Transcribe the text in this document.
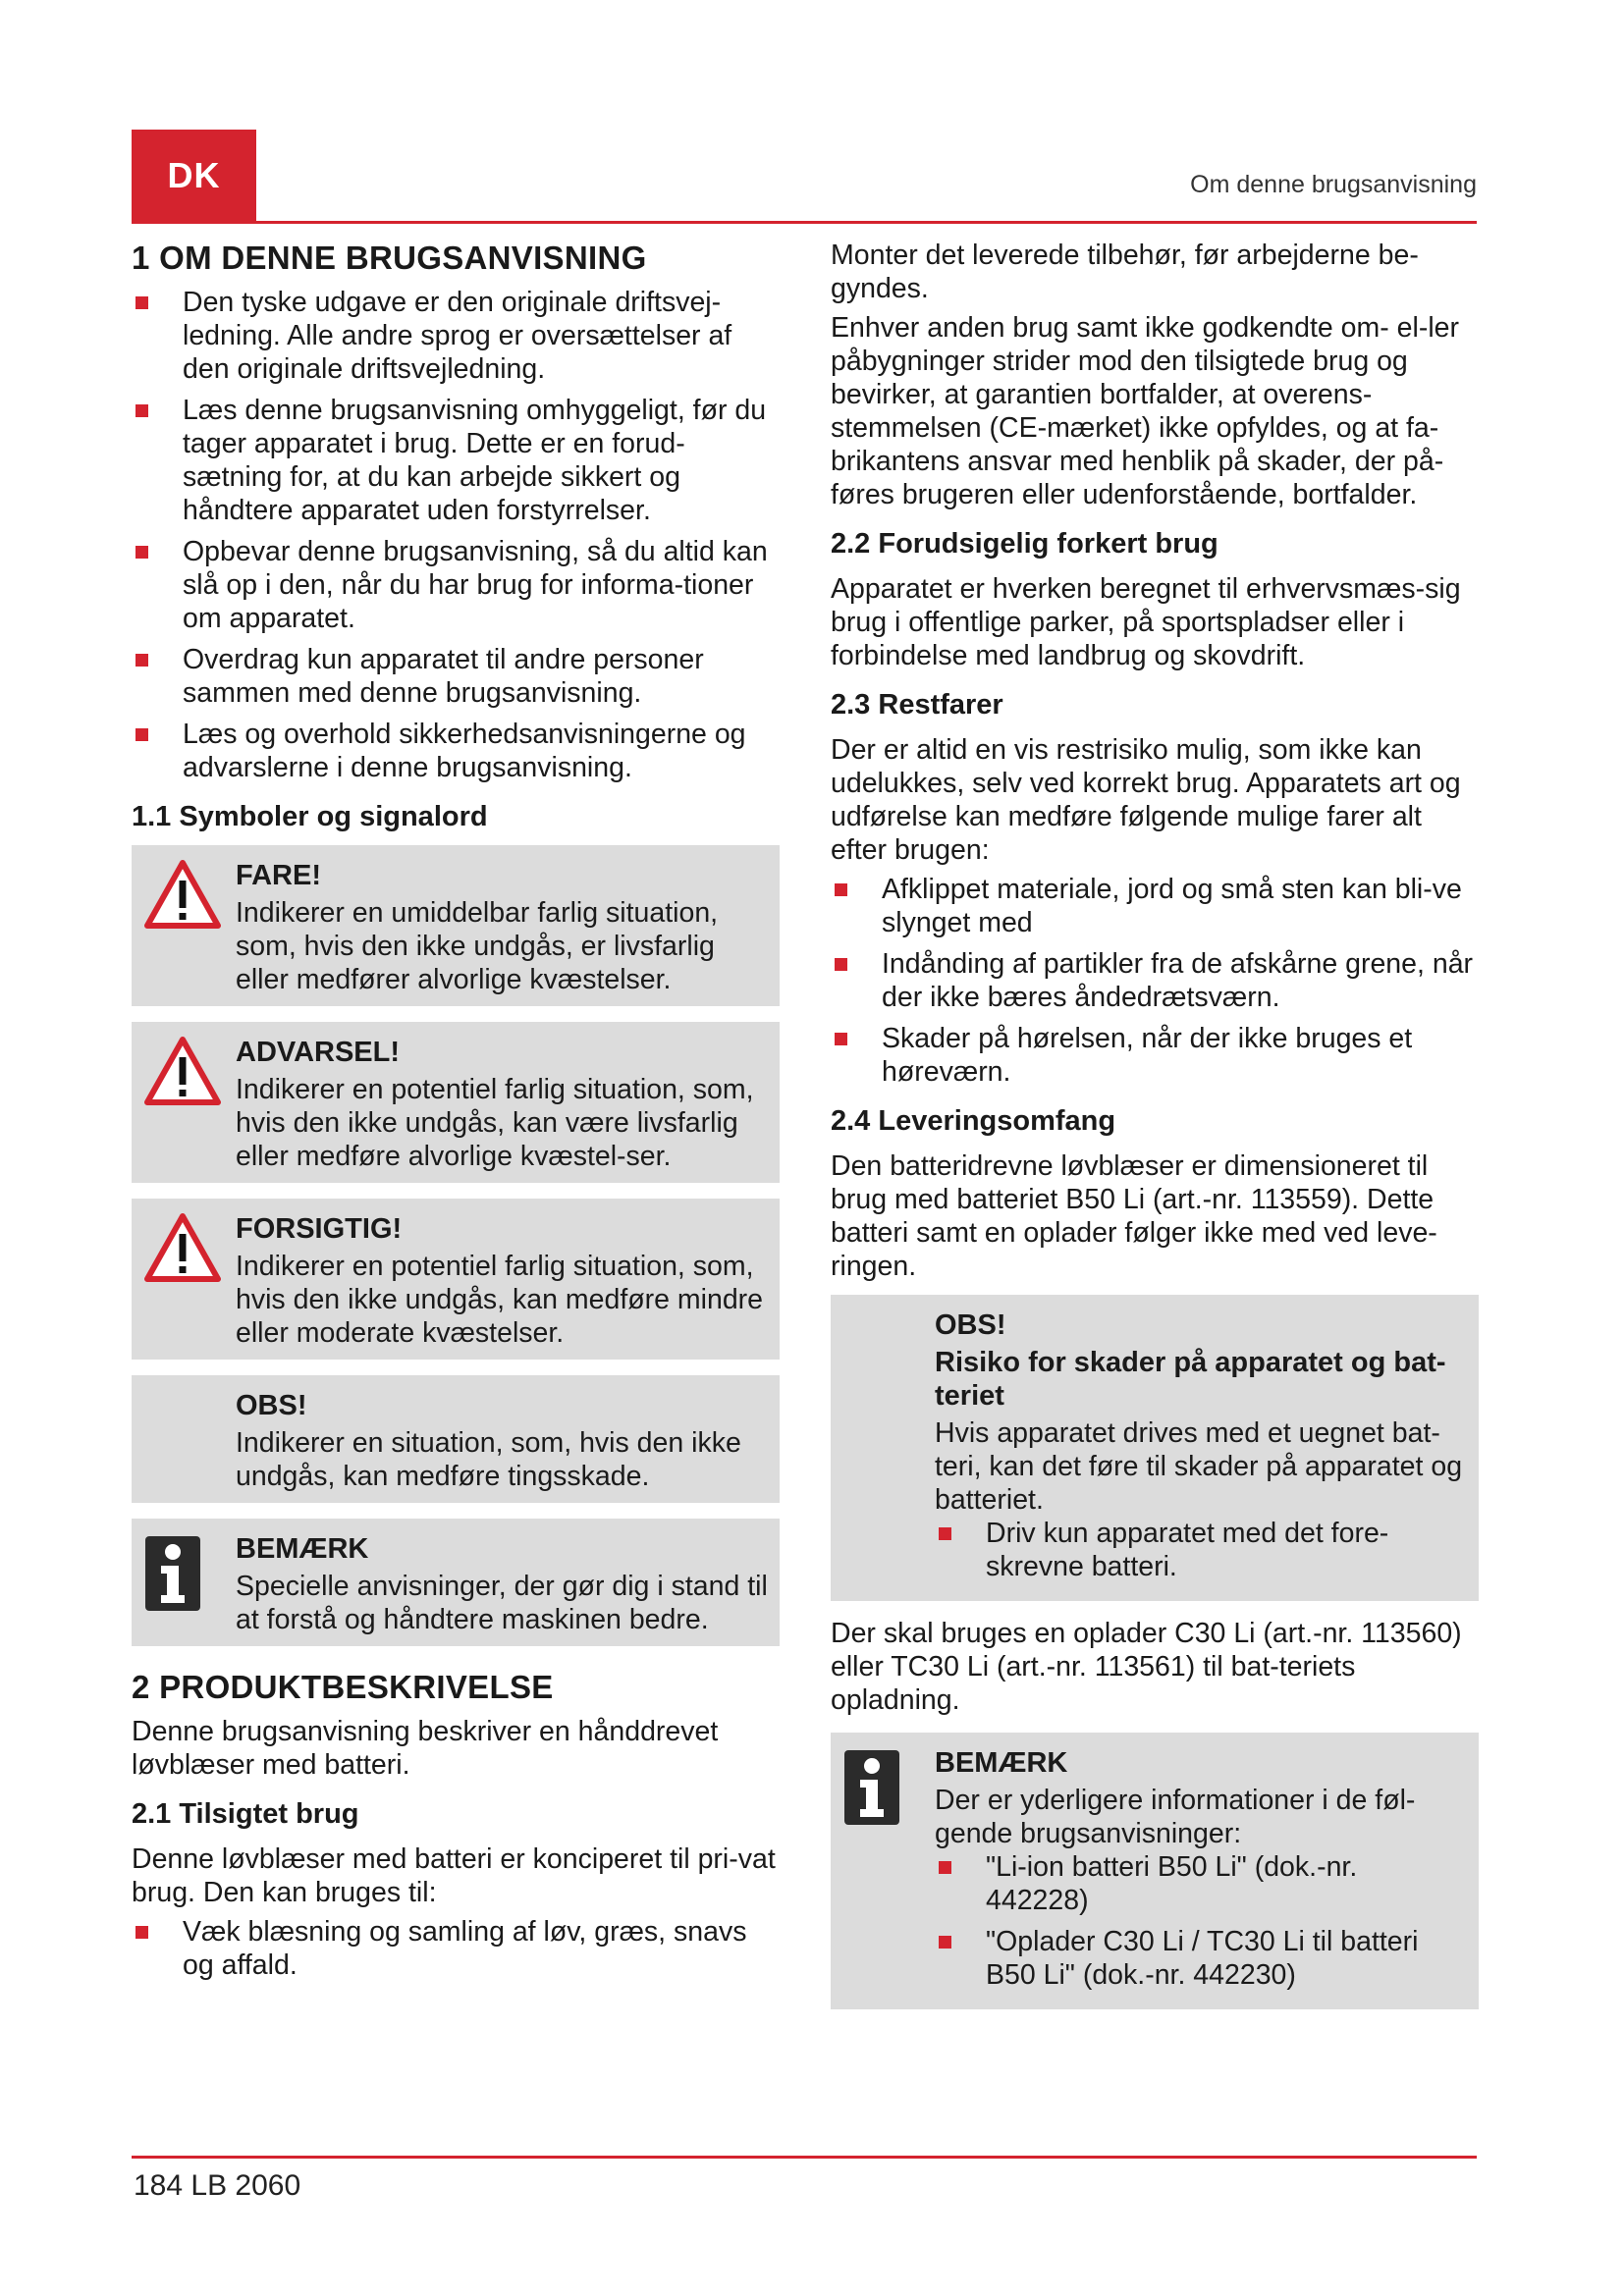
DK	Om denne brugsanvisning
1 OM DENNE BRUGSANVISNING
Den tyske udgave er den originale driftsvej-ledning. Alle andre sprog er oversættelser af den originale driftsvejledning.
Læs denne brugsanvisning omhyggeligt, før du tager apparatet i brug. Dette er en forud-sætning for, at du kan arbejde sikkert og håndtere apparatet uden forstyrrelser.
Opbevar denne brugsanvisning, så du altid kan slå op i den, når du har brug for informa-tioner om apparatet.
Overdrag kun apparatet til andre personer sammen med denne brugsanvisning.
Læs og overhold sikkerhedsanvisningerne og advarslerne i denne brugsanvisning.
1.1 Symboler og signalord
FARE!

Indikerer en umiddelbar farlig situation, som, hvis den ikke undgås, er livsfarlig eller medfører alvorlige kvæstelser.

ADVARSEL!

Indikerer en potentiel farlig situation, som, hvis den ikke undgås, kan være livsfarlig eller medføre alvorlige kvæstel-ser.

FORSIGTIG!

Indikerer en potentiel farlig situation, som, hvis den ikke undgås, kan medføre mindre eller moderate kvæstelser.

OBS!

Indikerer en situation, som, hvis den ikke undgås, kan medføre tingsskade.

BEMÆRK

Specielle anvisninger, der gør dig i stand til at forstå og håndtere maskinen bedre.

2 PRODUKTBESKRIVELSE

Denne brugsanvisning beskriver en hånddrevet løvblæser med batteri.

2.1 Tilsigtet brug

Denne løvblæser med batteri er konciperet til pri-vat brug. Den kan bruges til:

Væk blæsning og samling af løv, græs, snavs og affald.

Monter det leverede tilbehør, før arbejderne be-gyndes.

Enhver anden brug samt ikke godkendte om- el-ler påbygninger strider mod den tilsigtede brug og bevirker, at garantien bortfalder, at overens-stemmelsen (CE-mærket) ikke opfyldes, og at fa-brikantens ansvar med henblik på skader, der på-føres brugeren eller udenforstående, bortfalder.

2.2 Forudsigelig forkert brug

Apparatet er hverken beregnet til erhvervsmæs-sig brug i offentlige parker, på sportspladser eller i forbindelse med landbrug og skovdrift.

2.3 Restfarer

Der er altid en vis restrisiko mulig, som ikke kan udelukkes, selv ved korrekt brug. Apparatets art og udførelse kan medføre følgende mulige farer alt efter brugen:

Afklippet materiale, jord og små sten kan bli-ve slynget med
Indånding af partikler fra de afskårne grene, når der ikke bæres åndedrætsværn.
Skader på hørelsen, når der ikke bruges et høreværn.
2.4 Leveringsomfang

Den batteridrevne løvblæser er dimensioneret til brug med batteriet B50 Li (art.-nr. 113559). Dette batteri samt en oplader følger ikke med ved leve-ringen.

OBS!
Risiko for skader på apparatet og bat-teriet

Hvis apparatet drives med et uegnet bat-teri, kan det føre til skader på apparatet og batteriet.

Driv kun apparatet med det fore-skrevne batteri.

Der skal bruges en oplader C30 Li (art.-nr. 113560) eller TC30 Li (art.-nr. 113561) til bat-teriets opladning.

BEMÆRK

Der er yderligere informationer i de føl-gende brugsanvisninger:

"Li-ion batteri B50 Li" (dok.-nr. 442228)
"Oplader C30 Li / TC30 Li til batteri B50 Li" (dok.-nr. 442230)
184 LB 2060
